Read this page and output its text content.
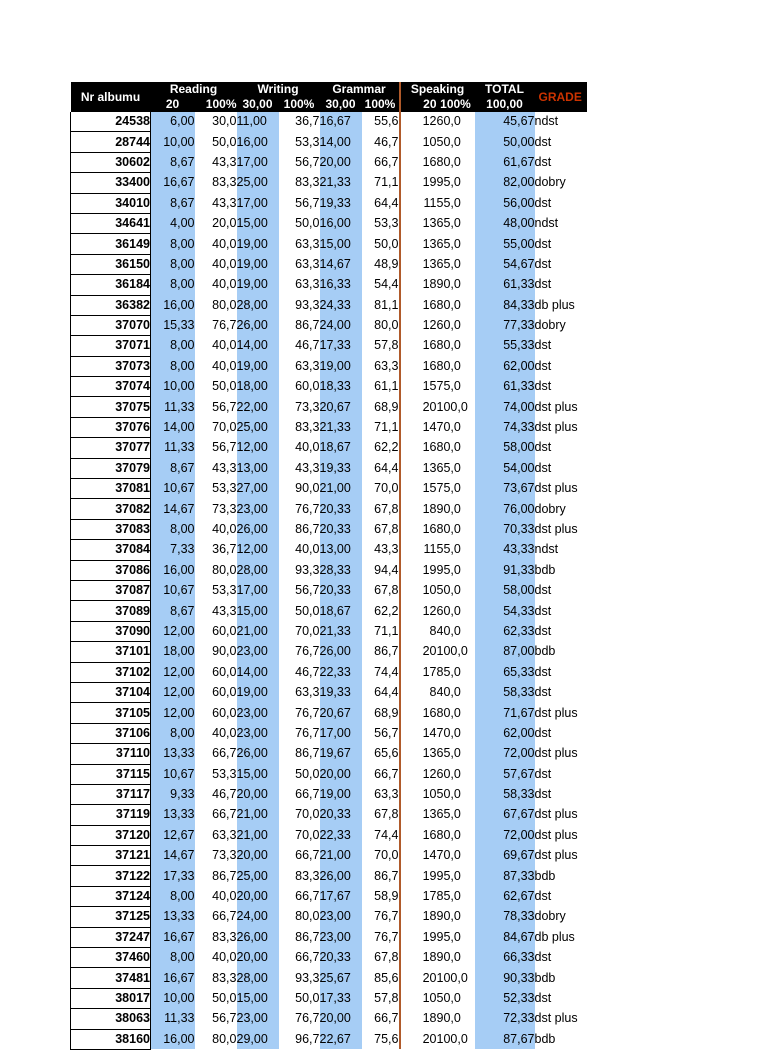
Nr albumu	Reading		Writing		Grammar		Speaking		TOTAL	GRADE
	20	100%	30,00	100%	30,00	100%	20	100%	100,00	
24538	6,00	30,0	11,00	36,7	16,67	55,6	12	60,0	45,67	ndst
28744	10,00	50,0	16,00	53,3	14,00	46,7	10	50,0	50,00	dst
30602	8,67	43,3	17,00	56,7	20,00	66,7	16	80,0	61,67	dst
33400	16,67	83,3	25,00	83,3	21,33	71,1	19	95,0	82,00	dobry
34010	8,67	43,3	17,00	56,7	19,33	64,4	11	55,0	56,00	dst
34641	4,00	20,0	15,00	50,0	16,00	53,3	13	65,0	48,00	ndst
36149	8,00	40,0	19,00	63,3	15,00	50,0	13	65,0	55,00	dst
36150	8,00	40,0	19,00	63,3	14,67	48,9	13	65,0	54,67	dst
36184	8,00	40,0	19,00	63,3	16,33	54,4	18	90,0	61,33	dst
36382	16,00	80,0	28,00	93,3	24,33	81,1	16	80,0	84,33	db plus
37070	15,33	76,7	26,00	86,7	24,00	80,0	12	60,0	77,33	dobry
37071	8,00	40,0	14,00	46,7	17,33	57,8	16	80,0	55,33	dst
37073	8,00	40,0	19,00	63,3	19,00	63,3	16	80,0	62,00	dst
37074	10,00	50,0	18,00	60,0	18,33	61,1	15	75,0	61,33	dst
37075	11,33	56,7	22,00	73,3	20,67	68,9	20	100,0	74,00	dst plus
37076	14,00	70,0	25,00	83,3	21,33	71,1	14	70,0	74,33	dst plus
37077	11,33	56,7	12,00	40,0	18,67	62,2	16	80,0	58,00	dst
37079	8,67	43,3	13,00	43,3	19,33	64,4	13	65,0	54,00	dst
37081	10,67	53,3	27,00	90,0	21,00	70,0	15	75,0	73,67	dst plus
37082	14,67	73,3	23,00	76,7	20,33	67,8	18	90,0	76,00	dobry
37083	8,00	40,0	26,00	86,7	20,33	67,8	16	80,0	70,33	dst plus
37084	7,33	36,7	12,00	40,0	13,00	43,3	11	55,0	43,33	ndst
37086	16,00	80,0	28,00	93,3	28,33	94,4	19	95,0	91,33	bdb
37087	10,67	53,3	17,00	56,7	20,33	67,8	10	50,0	58,00	dst
37089	8,67	43,3	15,00	50,0	18,67	62,2	12	60,0	54,33	dst
37090	12,00	60,0	21,00	70,0	21,33	71,1	8	40,0	62,33	dst
37101	18,00	90,0	23,00	76,7	26,00	86,7	20	100,0	87,00	bdb
37102	12,00	60,0	14,00	46,7	22,33	74,4	17	85,0	65,33	dst
37104	12,00	60,0	19,00	63,3	19,33	64,4	8	40,0	58,33	dst
37105	12,00	60,0	23,00	76,7	20,67	68,9	16	80,0	71,67	dst plus
37106	8,00	40,0	23,00	76,7	17,00	56,7	14	70,0	62,00	dst
37110	13,33	66,7	26,00	86,7	19,67	65,6	13	65,0	72,00	dst plus
37115	10,67	53,3	15,00	50,0	20,00	66,7	12	60,0	57,67	dst
37117	9,33	46,7	20,00	66,7	19,00	63,3	10	50,0	58,33	dst
37119	13,33	66,7	21,00	70,0	20,33	67,8	13	65,0	67,67	dst plus
37120	12,67	63,3	21,00	70,0	22,33	74,4	16	80,0	72,00	dst plus
37121	14,67	73,3	20,00	66,7	21,00	70,0	14	70,0	69,67	dst plus
37122	17,33	86,7	25,00	83,3	26,00	86,7	19	95,0	87,33	bdb
37124	8,00	40,0	20,00	66,7	17,67	58,9	17	85,0	62,67	dst
37125	13,33	66,7	24,00	80,0	23,00	76,7	18	90,0	78,33	dobry
37247	16,67	83,3	26,00	86,7	23,00	76,7	19	95,0	84,67	db plus
37460	8,00	40,0	20,00	66,7	20,33	67,8	18	90,0	66,33	dst
37481	16,67	83,3	28,00	93,3	25,67	85,6	20	100,0	90,33	bdb
38017	10,00	50,0	15,00	50,0	17,33	57,8	10	50,0	52,33	dst
38063	11,33	56,7	23,00	76,7	20,00	66,7	18	90,0	72,33	dst plus
38160	16,00	80,0	29,00	96,7	22,67	75,6	20	100,0	87,67	bdb
